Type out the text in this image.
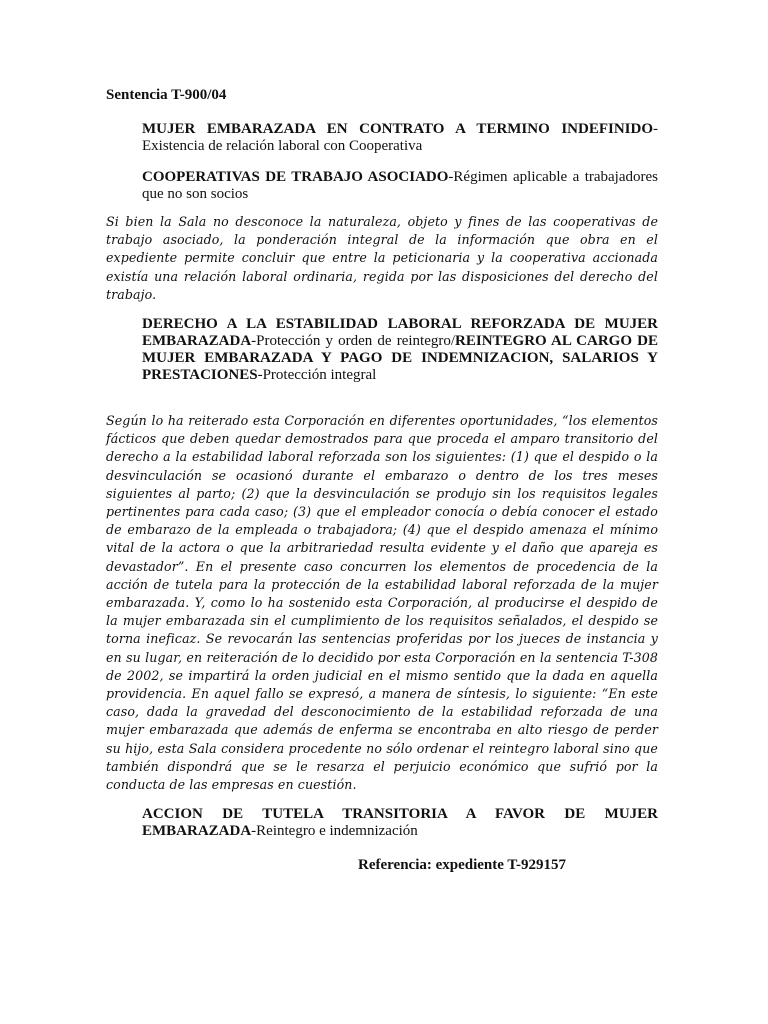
Sentencia T-900/04
MUJER EMBARAZADA EN CONTRATO A TERMINO INDEFINIDO-Existencia de relación laboral con Cooperativa
COOPERATIVAS DE TRABAJO ASOCIADO-Régimen aplicable a trabajadores que no son socios
Si bien la Sala no desconoce la naturaleza, objeto y fines de las cooperativas de trabajo asociado, la ponderación integral de la información que obra en el expediente permite concluir que entre la peticionaria y la cooperativa accionada existía una relación laboral ordinaria, regida por las disposiciones del derecho del trabajo.
DERECHO A LA ESTABILIDAD LABORAL REFORZADA DE MUJER EMBARAZADA-Protección y orden de reintegro/REINTEGRO AL CARGO DE MUJER EMBARAZADA Y PAGO DE INDEMNIZACION, SALARIOS Y PRESTACIONES-Protección integral
Según lo ha reiterado esta Corporación en diferentes oportunidades, “los elementos fácticos que deben quedar demostrados para que proceda el amparo transitorio del derecho a la estabilidad laboral reforzada son los siguientes: (1) que el despido o la desvinculación se ocasionó durante el embarazo o dentro de los tres meses siguientes al parto; (2) que la desvinculación se produjo sin los requisitos legales pertinentes para cada caso; (3) que el empleador conocía o debía conocer el estado de embarazo de la empleada o trabajadora; (4) que el despido amenaza el mínimo vital de la actora o que la arbitrariedad resulta evidente y el daño que apareja es devastador”. En el presente caso concurren los elementos de procedencia de la acción de tutela para la protección de la estabilidad laboral reforzada de la mujer embarazada. Y, como lo ha sostenido esta Corporación, al producirse el despido de la mujer embarazada sin el cumplimiento de los requisitos señalados, el despido se torna ineficaz. Se revocarán las sentencias proferidas por los jueces de instancia y en su lugar, en reiteración de lo decidido por esta Corporación en la sentencia T-308 de 2002, se impartirá la orden judicial en el mismo sentido que la dada en aquella providencia. En aquel fallo se expresó, a manera de síntesis, lo siguiente: “En este caso, dada la gravedad del desconocimiento de la estabilidad reforzada de una mujer embarazada que además de enferma se encontraba en alto riesgo de perder su hijo, esta Sala considera procedente no sólo ordenar el reintegro laboral sino que también dispondrá que se le resarza el perjuicio económico que sufrió por la conducta de las empresas en cuestión.
ACCION DE TUTELA TRANSITORIA A FAVOR DE MUJER EMBARAZADA-Reintegro e indemnización
Referencia: expediente T-929157
